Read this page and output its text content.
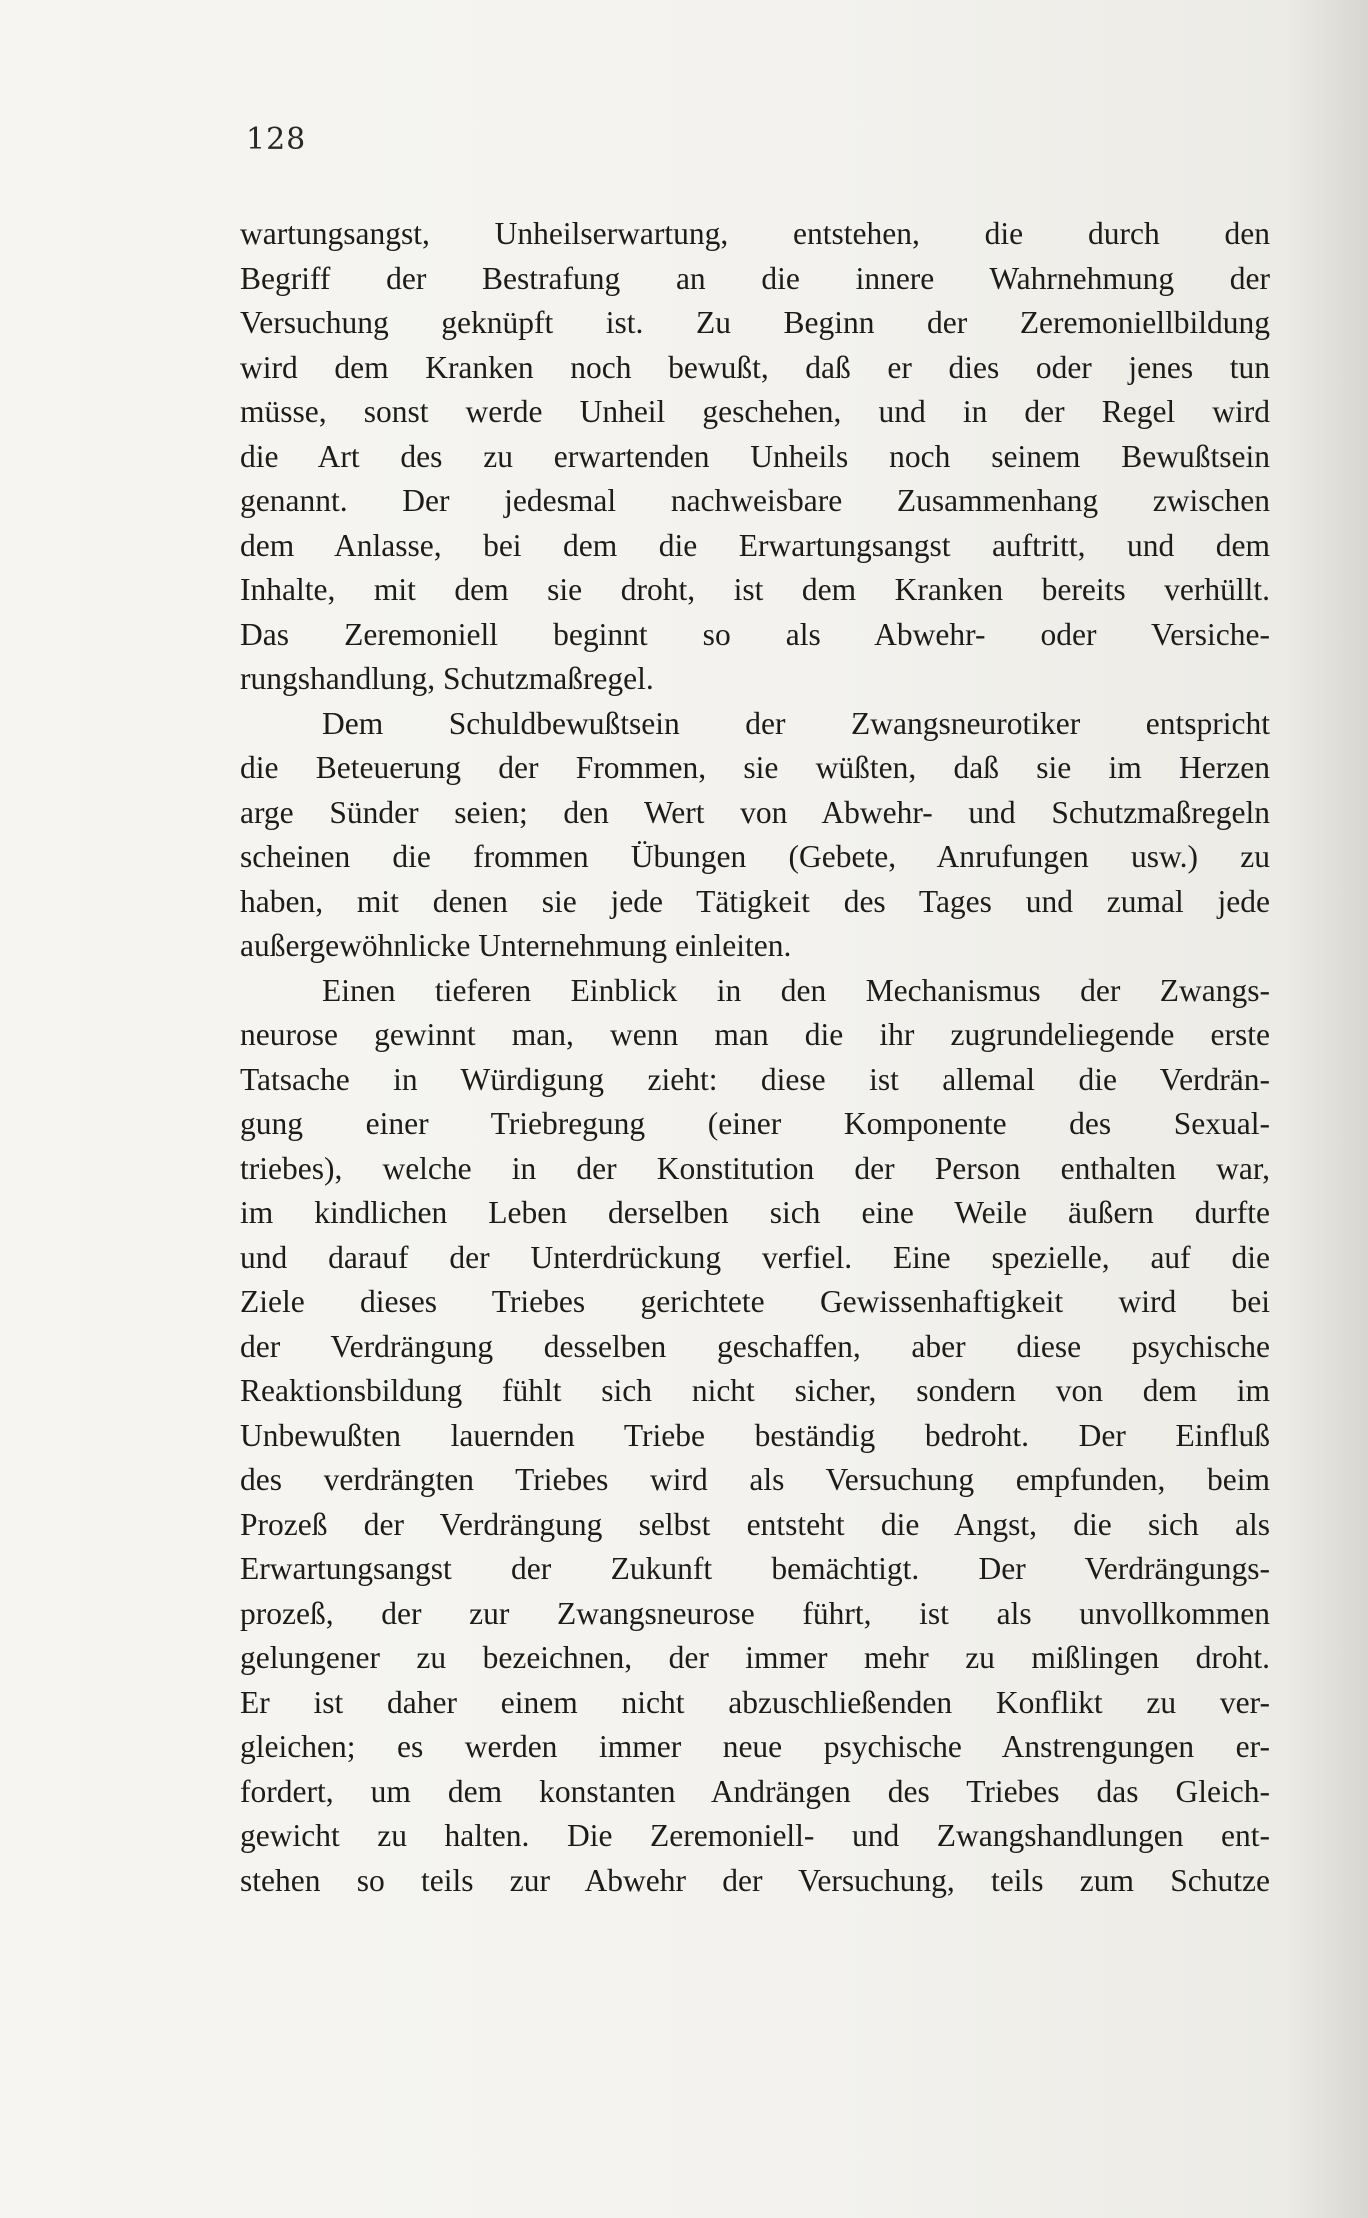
128
wartungsangst, Unheilserwartung, entstehen, die durch den
Begriff der Bestrafung an die innere Wahrnehmung der
Versuchung geknüpft ist. Zu Beginn der Zeremoniellbildung
wird dem Kranken noch bewußt, daß er dies oder jenes tun
müsse, sonst werde Unheil geschehen, und in der Regel wird
die Art des zu erwartenden Unheils noch seinem Bewußtsein
genannt. Der jedesmal nachweisbare Zusammenhang zwischen
dem Anlasse, bei dem die Erwartungsangst auftritt, und dem
Inhalte, mit dem sie droht, ist dem Kranken bereits verhüllt.
Das Zeremoniell beginnt so als Abwehr- oder Versiche-
rungshandlung, Schutzmaßregel.
Dem Schuldbewußtsein der Zwangsneurotiker entspricht
die Beteuerung der Frommen, sie wüßten, daß sie im Herzen
arge Sünder seien; den Wert von Abwehr- und Schutzmaßregeln
scheinen die frommen Übungen (Gebete, Anrufungen usw.) zu
haben, mit denen sie jede Tätigkeit des Tages und zumal jede
außergewöhnlicke Unternehmung einleiten.
Einen tieferen Einblick in den Mechanismus der Zwangs-
neurose gewinnt man, wenn man die ihr zugrundeliegende erste
Tatsache in Würdigung zieht: diese ist allemal die Verdrän-
gung einer Triebregung (einer Komponente des Sexual-
triebes), welche in der Konstitution der Person enthalten war,
im kindlichen Leben derselben sich eine Weile äußern durfte
und darauf der Unterdrückung verfiel. Eine spezielle, auf die
Ziele dieses Triebes gerichtete Gewissenhaftigkeit wird bei
der Verdrängung desselben geschaffen, aber diese psychische
Reaktionsbildung fühlt sich nicht sicher, sondern von dem im
Unbewußten lauernden Triebe beständig bedroht. Der Einfluß
des verdrängten Triebes wird als Versuchung empfunden, beim
Prozeß der Verdrängung selbst entsteht die Angst, die sich als
Erwartungsangst der Zukunft bemächtigt. Der Verdrängungs-
prozeß, der zur Zwangsneurose führt, ist als unvollkommen
gelungener zu bezeichnen, der immer mehr zu mißlingen droht.
Er ist daher einem nicht abzuschließenden Konflikt zu ver-
gleichen; es werden immer neue psychische Anstrengungen er-
fordert, um dem konstanten Andrängen des Triebes das Gleich-
gewicht zu halten. Die Zeremoniell- und Zwangshandlungen ent-
stehen so teils zur Abwehr der Versuchung, teils zum Schutze
